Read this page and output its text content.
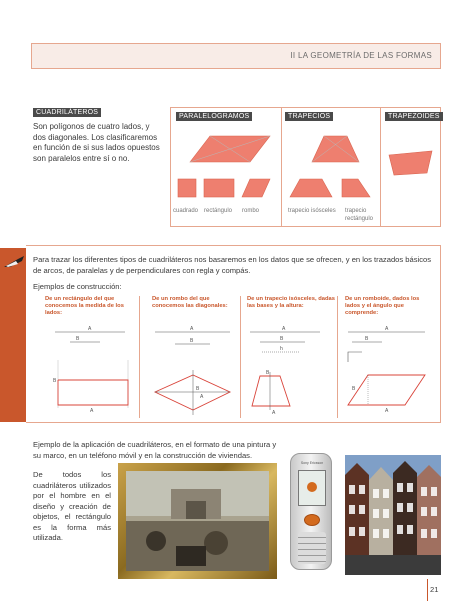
II LA GEOMETRÍA DE LAS FORMAS
CUADRILÁTEROS
Son polígonos de cuatro lados, y dos diagonales. Los clasificaremos en función de si sus lados opuestos son paralelos entre sí o no.
PARALELOGRAMOS	TRAPECIOS	TRAPEZOIDES
cuadrado rectángulo rombo	trapecio isósceles trapecio rectángulo
Para trazar los diferentes tipos de cuadriláteros nos basaremos en los datos que se ofrecen, y en los trazados básicos de arcos, de paralelas y de perpendiculares con regla y compás.
Ejemplos de construcción:
De un rectángulo del que conocemos la medida de los lados:
De un rombo del que conocemos las diagonales:
De un trapecio isósceles, dadas las bases y la altura:
De un romboide, dados los lados y el ángulo que comprende:
A
B
B
A
A
B
B
A
A
B
h
B
A
A
B
A
B
Ejemplo de la aplicación de cuadriláteros, en el formato de una pintura y su marco, en un teléfono móvil y en la construcción de viviendas.
De todos los cuadriláteros utilizados por el hombre en el diseño y creación de objetos, el rectángulo es la forma más utilizada.
Sony Ericsson
21
